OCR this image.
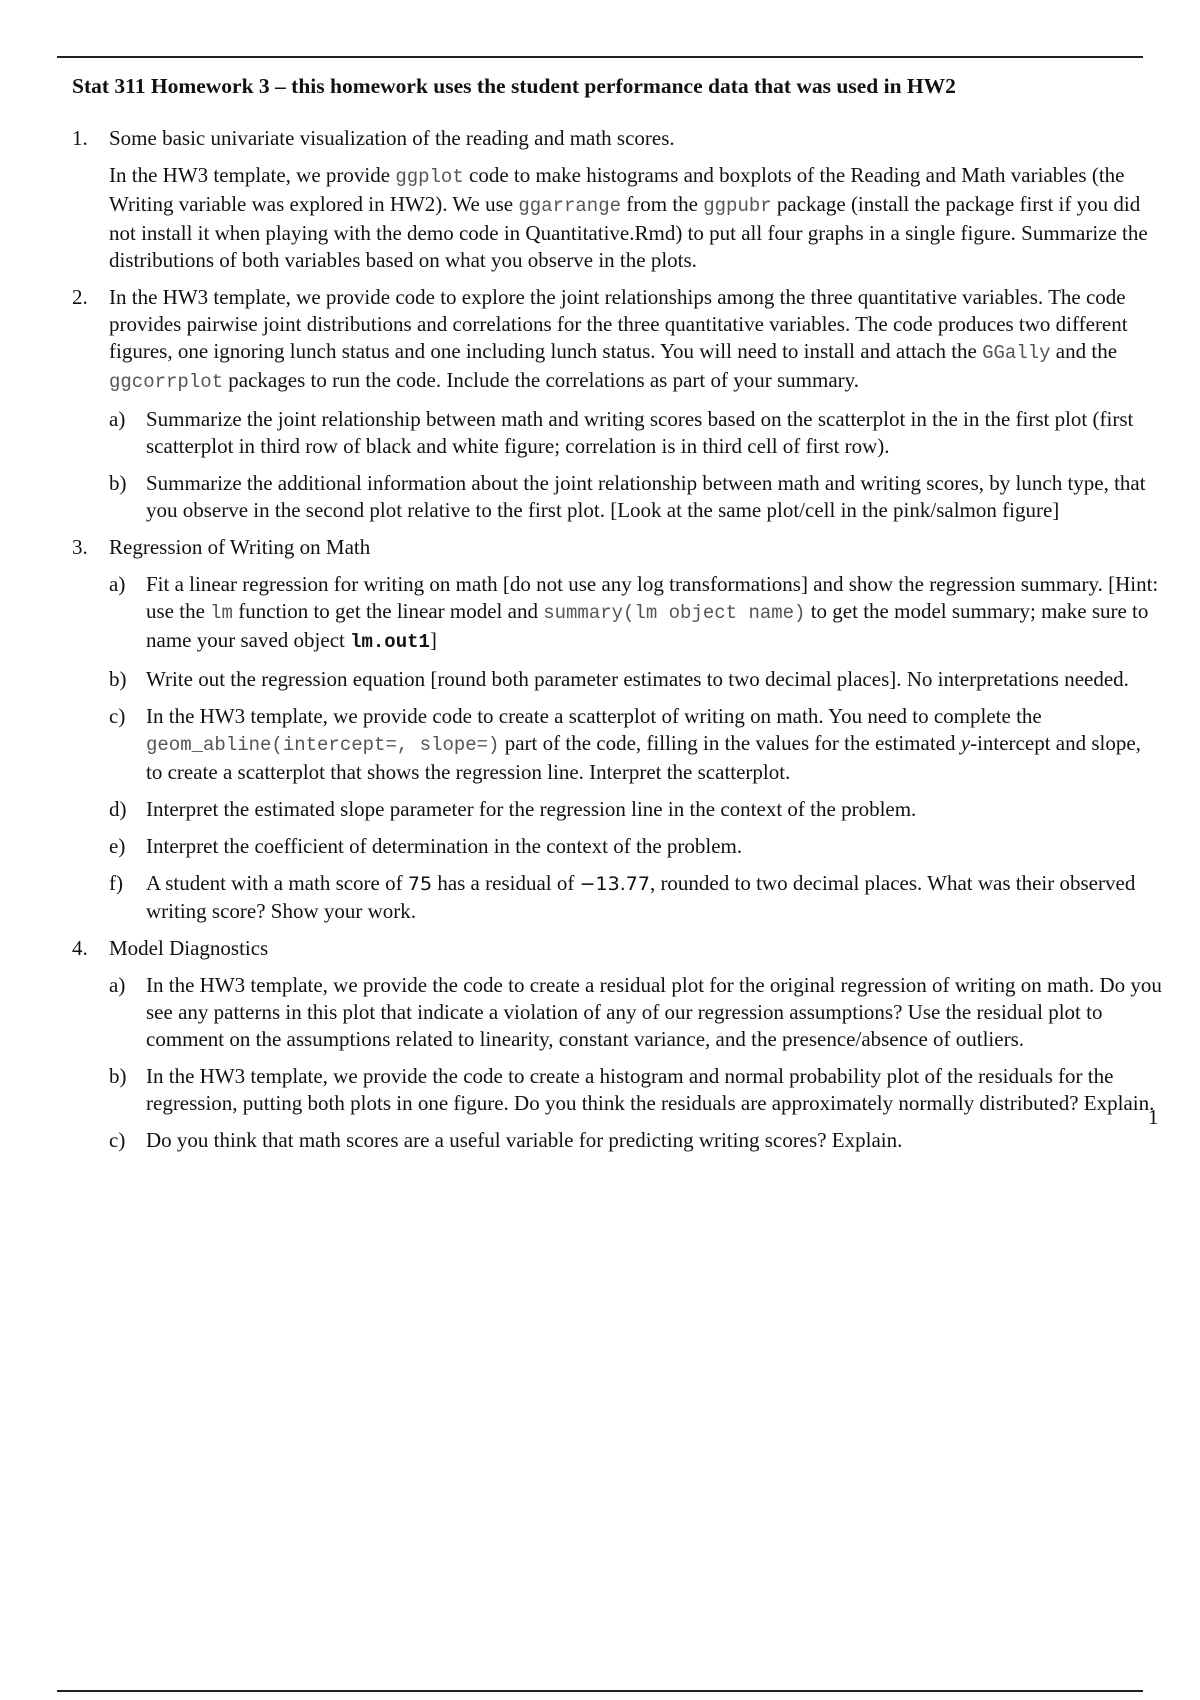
Stat 311 Homework 3 – this homework uses the student performance data that was used in HW2
1. Some basic univariate visualization of the reading and math scores.
In the HW3 template, we provide ggplot code to make histograms and boxplots of the Reading and Math variables (the Writing variable was explored in HW2). We use ggarrange from the ggpubr package (install the package first if you did not install it when playing with the demo code in Quantitative.Rmd) to put all four graphs in a single figure. Summarize the distributions of both variables based on what you observe in the plots.
2. In the HW3 template, we provide code to explore the joint relationships among the three quantitative variables. The code provides pairwise joint distributions and correlations for the three quantitative variables. The code produces two different figures, one ignoring lunch status and one including lunch status. You will need to install and attach the GGally and the ggcorrplot packages to run the code. Include the correlations as part of your summary.
a) Summarize the joint relationship between math and writing scores based on the scatterplot in the in the first plot (first scatterplot in third row of black and white figure; correlation is in third cell of first row).
b) Summarize the additional information about the joint relationship between math and writing scores, by lunch type, that you observe in the second plot relative to the first plot. [Look at the same plot/cell in the pink/salmon figure]
3. Regression of Writing on Math
a) Fit a linear regression for writing on math [do not use any log transformations] and show the regression summary. [Hint: use the lm function to get the linear model and summary(lm object name) to get the model summary; make sure to name your saved object lm.out1]
b) Write out the regression equation [round both parameter estimates to two decimal places]. No interpretations needed.
c) In the HW3 template, we provide code to create a scatterplot of writing on math. You need to complete the geom_abline(intercept=, slope=) part of the code, filling in the values for the estimated y-intercept and slope, to create a scatterplot that shows the regression line. Interpret the scatterplot.
d) Interpret the estimated slope parameter for the regression line in the context of the problem.
e) Interpret the coefficient of determination in the context of the problem.
f) A student with a math score of 75 has a residual of −13.77, rounded to two decimal places. What was their observed writing score? Show your work.
4. Model Diagnostics
a) In the HW3 template, we provide the code to create a residual plot for the original regression of writing on math. Do you see any patterns in this plot that indicate a violation of any of our regression assumptions? Use the residual plot to comment on the assumptions related to linearity, constant variance, and the presence/absence of outliers.
b) In the HW3 template, we provide the code to create a histogram and normal probability plot of the residuals for the regression, putting both plots in one figure. Do you think the residuals are approximately normally distributed? Explain.
c) Do you think that math scores are a useful variable for predicting writing scores? Explain.
1
